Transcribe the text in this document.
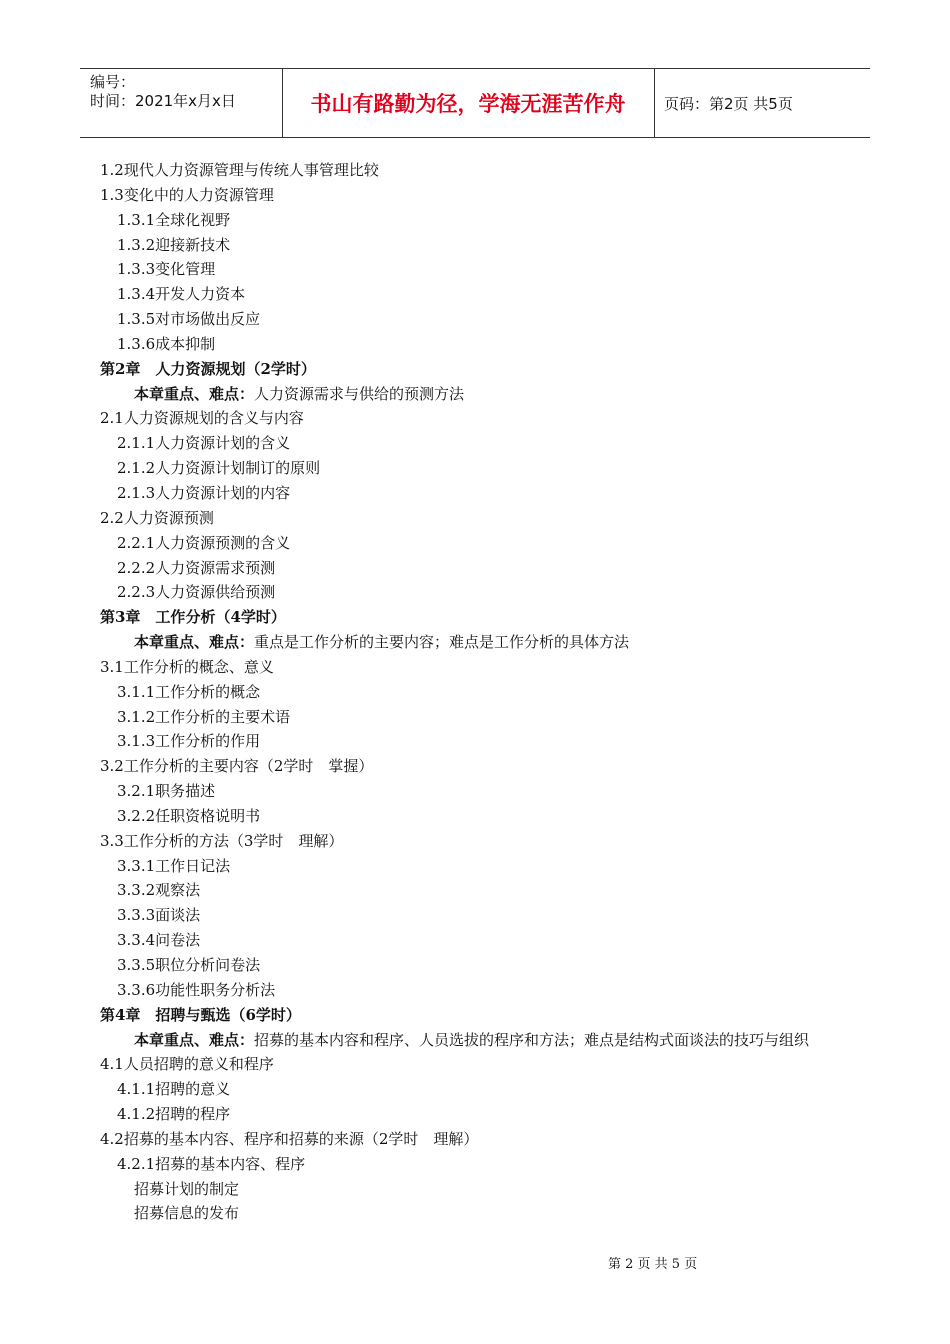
编号：
时间：2021年x月x日	书山有路勤为径，学海无涯苦作舟	页码：第2页 共5页
1.2现代人力资源管理与传统人事管理比较
1.3变化中的人力资源管理
1.3.1全球化视野
1.3.2迎接新技术
1.3.3变化管理
1.3.4开发人力资本
1.3.5对市场做出反应
1.3.6成本抑制
第2章　人力资源规划（2学时）
本章重点、难点：人力资源需求与供给的预测方法
2.1人力资源规划的含义与内容
2.1.1人力资源计划的含义
2.1.2人力资源计划制订的原则
2.1.3人力资源计划的内容
2.2人力资源预测
2.2.1人力资源预测的含义
2.2.2人力资源需求预测
2.2.3人力资源供给预测
第3章　工作分析（4学时）
本章重点、难点：重点是工作分析的主要内容；难点是工作分析的具体方法
3.1工作分析的概念、意义
3.1.1工作分析的概念
3.1.2工作分析的主要术语
3.1.3工作分析的作用
3.2工作分析的主要内容（2学时　掌握）
3.2.1职务描述
3.2.2任职资格说明书
3.3工作分析的方法（3学时　理解）
3.3.1工作日记法
3.3.2观察法
3.3.3面谈法
3.3.4问卷法
3.3.5职位分析问卷法
3.3.6功能性职务分析法
第4章　招聘与甄选（6学时）
本章重点、难点：招募的基本内容和程序、人员选拔的程序和方法；难点是结构式面谈法的技巧与组织
4.1人员招聘的意义和程序
4.1.1招聘的意义
4.1.2招聘的程序
4.2招募的基本内容、程序和招募的来源（2学时　理解）
4.2.1招募的基本内容、程序
招募计划的制定
招募信息的发布
第 2 页 共 5 页
